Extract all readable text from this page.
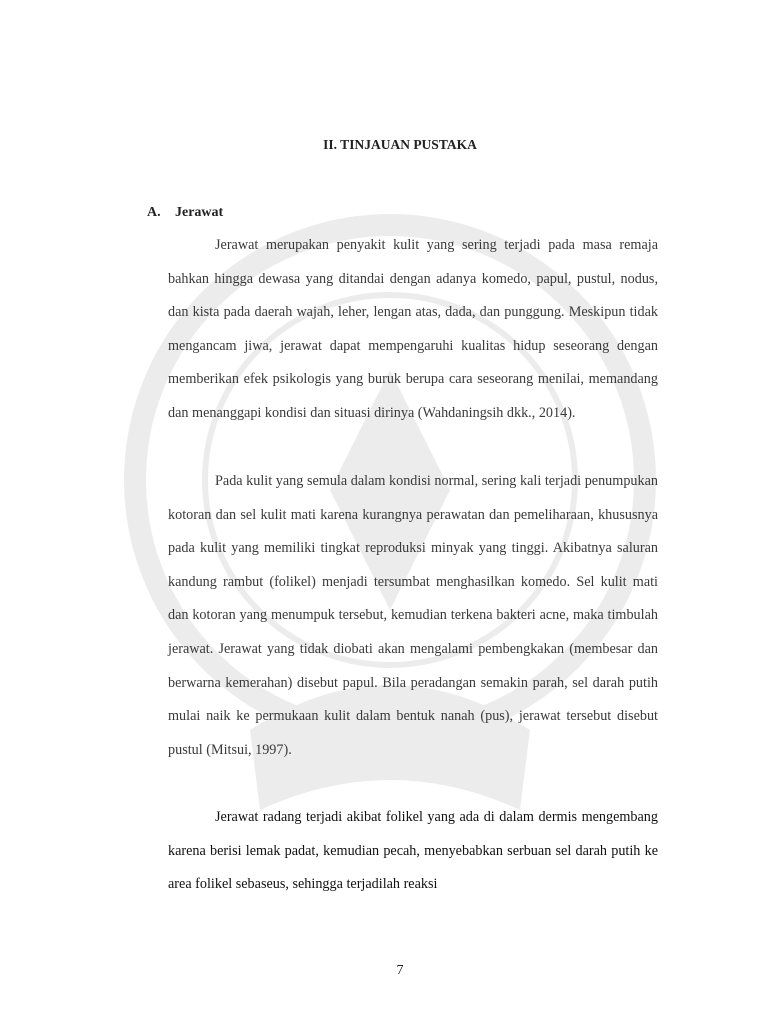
II. TINJAUAN PUSTAKA
A. Jerawat

Jerawat merupakan penyakit kulit yang sering terjadi pada masa remaja bahkan hingga dewasa yang ditandai dengan adanya komedo, papul, pustul, nodus, dan kista pada daerah wajah, leher, lengan atas, dada, dan punggung. Meskipun tidak mengancam jiwa, jerawat dapat mempengaruhi kualitas hidup seseorang dengan memberikan efek psikologis yang buruk berupa cara seseorang menilai, memandang dan menanggapi kondisi dan situasi dirinya (Wahdaningsih dkk., 2014).

Pada kulit yang semula dalam kondisi normal, sering kali terjadi penumpukan kotoran dan sel kulit mati karena kurangnya perawatan dan pemeliharaan, khususnya pada kulit yang memiliki tingkat reproduksi minyak yang tinggi. Akibatnya saluran kandung rambut (folikel) menjadi tersumbat menghasilkan komedo. Sel kulit mati dan kotoran yang menumpuk tersebut, kemudian terkena bakteri acne, maka timbulah jerawat. Jerawat yang tidak diobati akan mengalami pembengkakan (membesar dan berwarna kemerahan) disebut papul. Bila peradangan semakin parah, sel darah putih mulai naik ke permukaan kulit dalam bentuk nanah (pus), jerawat tersebut disebut pustul (Mitsui, 1997).

Jerawat radang terjadi akibat folikel yang ada di dalam dermis mengembang karena berisi lemak padat, kemudian pecah, menyebabkan serbuan sel darah putih ke area folikel sebaseus, sehingga terjadilah reaksi

7
